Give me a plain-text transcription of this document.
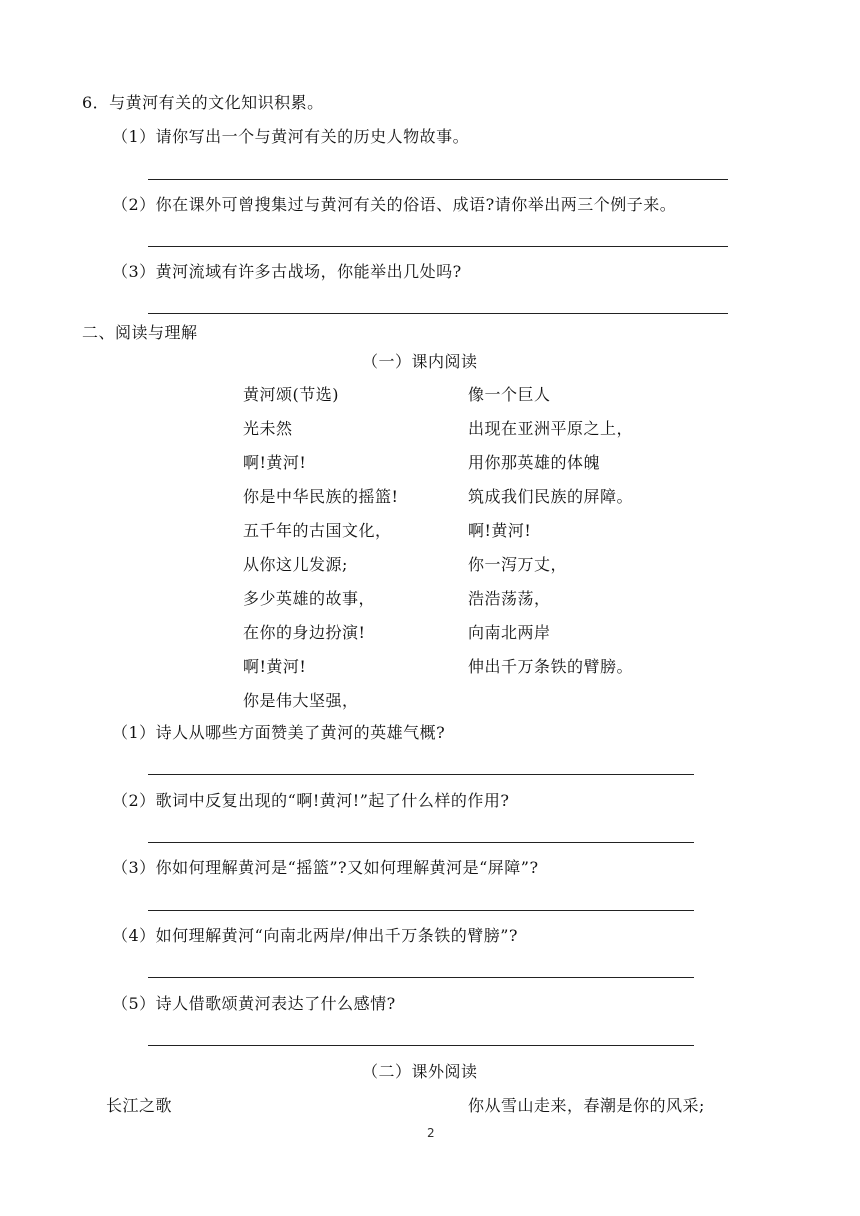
6．与黄河有关的文化知识积累。
（1）请你写出一个与黄河有关的历史人物故事。
（2）你在课外可曾搜集过与黄河有关的俗语、成语?请你举出两三个例子来。
（3）黄河流域有许多古战场，你能举出几处吗?
二、阅读与理解
（一）课内阅读
黄河颂(节选)
光未然
啊!黄河!
你是中华民族的摇篮!
五千年的古国文化，
从你这儿发源;
多少英雄的故事，
在你的身边扮演!
啊!黄河!
你是伟大坚强，
像一个巨人
出现在亚洲平原之上，
用你那英雄的体魄
筑成我们民族的屏障。
啊!黄河!
你一泻万丈，
浩浩荡荡，
向南北两岸
伸出千万条铁的臂膀。
（1）诗人从哪些方面赞美了黄河的英雄气概?
（2）歌词中反复出现的“啊!黄河!”起了什么样的作用?
（3）你如何理解黄河是“摇篮”?又如何理解黄河是“屏障”?
（4）如何理解黄河“向南北两岸/伸出千万条铁的臂膀”?
（5）诗人借歌颂黄河表达了什么感情?
（二）课外阅读
长江之歌	你从雪山走来，春潮是你的风采;
2
